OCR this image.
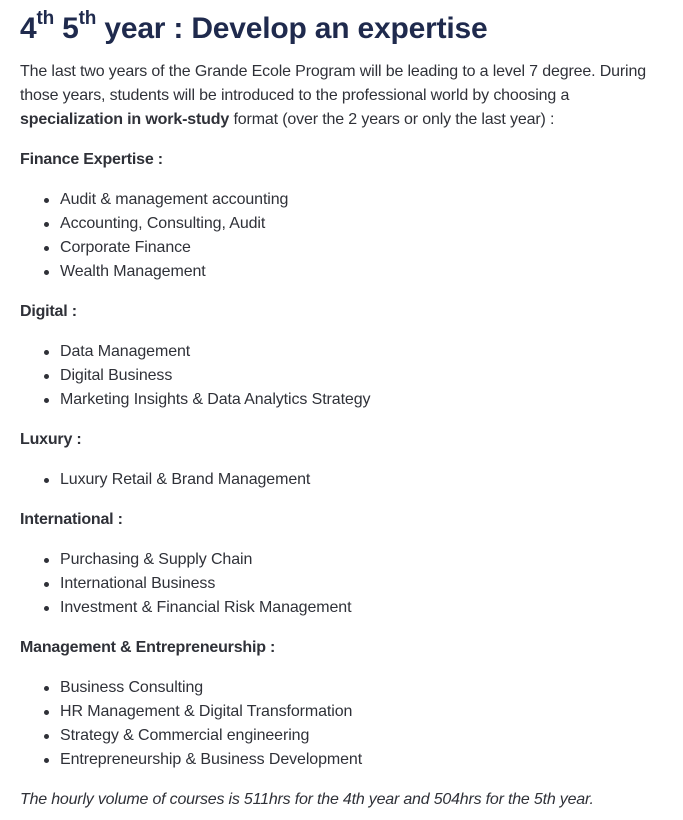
4th 5th year : Develop an expertise

The last two years of the Grande Ecole Program will be leading to a level 7 degree. During
those years, students will be introduced to the professional world by choosing a
specialization in work-study format (over the 2 years or only the last year) :

Finance Expertise :
Audit & management accounting
Accounting, Consulting, Audit
Corporate Finance
Wealth Management
Digital :
Data Management
Digital Business
Marketing Insights & Data Analytics Strategy
Luxury :
Luxury Retail & Brand Management
International :
Purchasing & Supply Chain
International Business
Investment & Financial Risk Management
Management & Entrepreneurship :
Business Consulting
HR Management & Digital Transformation
Strategy & Commercial engineering
Entrepreneurship & Business Development

The hourly volume of courses is 511hrs for the 4th year and 504hrs for the 5th year.
